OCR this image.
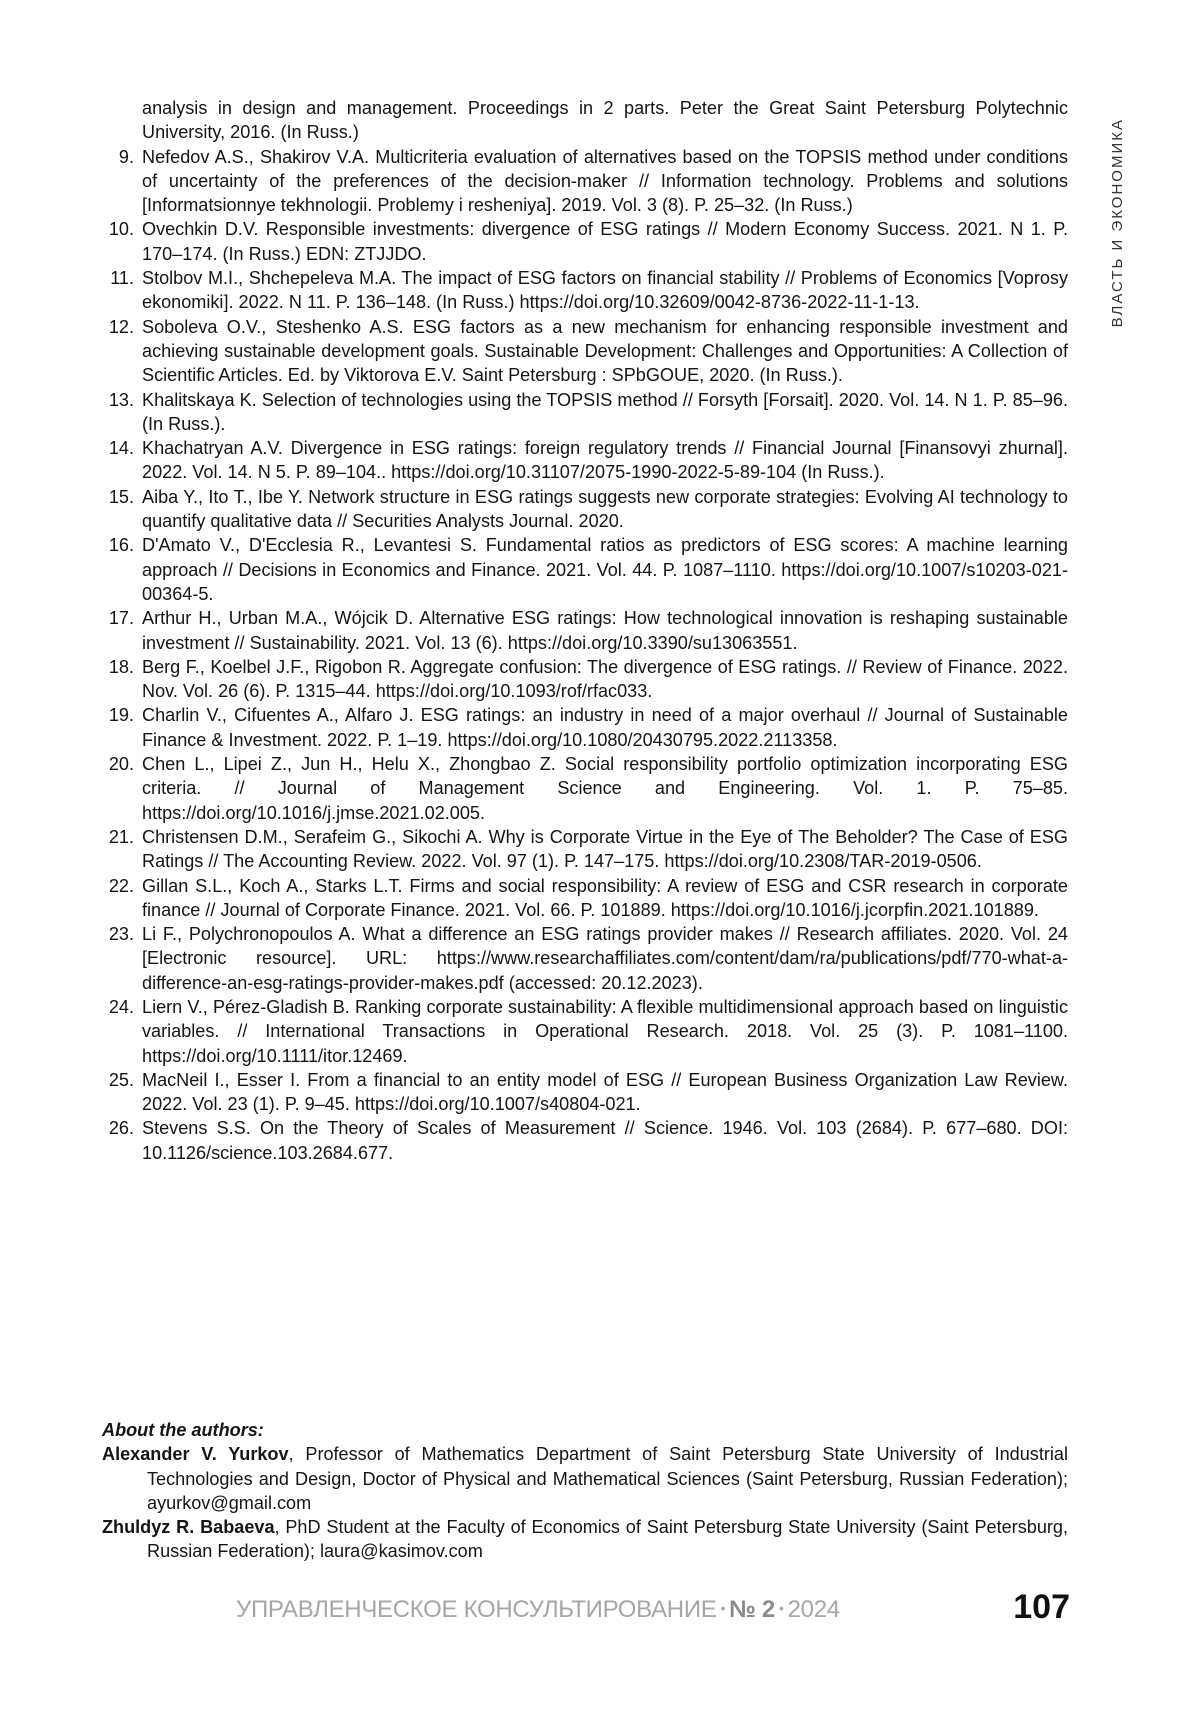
ВЛАСТЬ И ЭКОНОМИКА
analysis in design and management. Proceedings in 2 parts. Peter the Great Saint Petersburg Polytechnic University, 2016. (In Russ.)
9. Nefedov A.S., Shakirov V.A. Multicriteria evaluation of alternatives based on the TOPSIS method under conditions of uncertainty of the preferences of the decision-maker // Information technology. Problems and solutions [Informatsionnye tekhnologii. Problemy i resheniya]. 2019. Vol. 3 (8). P. 25–32. (In Russ.)
10. Ovechkin D.V. Responsible investments: divergence of ESG ratings // Modern Economy Success. 2021. N 1. P. 170–174. (In Russ.) EDN: ZTJJDO.
11. Stolbov M.I., Shchepeleva M.A. The impact of ESG factors on financial stability // Problems of Economics [Voprosy ekonomiki]. 2022. N 11. P. 136–148. (In Russ.) https://doi.org/10.32609/0042-8736-2022-11-1-13.
12. Soboleva O.V., Steshenko A.S. ESG factors as a new mechanism for enhancing responsible investment and achieving sustainable development goals. Sustainable Development: Challenges and Opportunities: A Collection of Scientific Articles. Ed. by Viktorova E.V. Saint Petersburg : SPbGOUE, 2020. (In Russ.).
13. Khalitskaya K. Selection of technologies using the TOPSIS method // Forsyth [Forsait]. 2020. Vol. 14. N 1. P. 85–96. (In Russ.).
14. Khachatryan A.V. Divergence in ESG ratings: foreign regulatory trends // Financial Journal [Finansovyi zhurnal]. 2022. Vol. 14. N 5. P. 89–104.. https://doi.org/10.31107/2075-1990-2022-5-89-104 (In Russ.).
15. Aiba Y., Ito T., Ibe Y. Network structure in ESG ratings suggests new corporate strategies: Evolving AI technology to quantify qualitative data // Securities Analysts Journal. 2020.
16. D'Amato V., D'Ecclesia R., Levantesi S. Fundamental ratios as predictors of ESG scores: A machine learning approach // Decisions in Economics and Finance. 2021. Vol. 44. P. 1087–1110. https://doi.org/10.1007/s10203-021-00364-5.
17. Arthur H., Urban M.A., Wójcik D. Alternative ESG ratings: How technological innovation is reshaping sustainable investment // Sustainability. 2021. Vol. 13 (6). https://doi.org/10.3390/su13063551.
18. Berg F., Koelbel J.F., Rigobon R. Aggregate confusion: The divergence of ESG ratings. // Review of Finance. 2022. Nov. Vol. 26 (6). P. 1315–44. https://doi.org/10.1093/rof/rfac033.
19. Charlin V., Cifuentes A., Alfaro J. ESG ratings: an industry in need of a major overhaul // Journal of Sustainable Finance & Investment. 2022. P. 1–19. https://doi.org/10.1080/20430795.2022.2113358.
20. Chen L., Lipei Z., Jun H., Helu X., Zhongbao Z. Social responsibility portfolio optimization incorporating ESG criteria. // Journal of Management Science and Engineering. Vol. 1. P. 75–85. https://doi.org/10.1016/j.jmse.2021.02.005.
21. Christensen D.M., Serafeim G., Sikochi A. Why is Corporate Virtue in the Eye of The Beholder? The Case of ESG Ratings // The Accounting Review. 2022. Vol. 97 (1). P. 147–175. https://doi.org/10.2308/TAR-2019-0506.
22. Gillan S.L., Koch A., Starks L.T. Firms and social responsibility: A review of ESG and CSR research in corporate finance // Journal of Corporate Finance. 2021. Vol. 66. P. 101889. https://doi.org/10.1016/j.jcorpfin.2021.101889.
23. Li F., Polychronopoulos A. What a difference an ESG ratings provider makes // Research affiliates. 2020. Vol. 24 [Electronic resource]. URL: https://www.researchaffiliates.com/content/dam/ra/publications/pdf/770-what-a-difference-an-esg-ratings-provider-makes.pdf (accessed: 20.12.2023).
24. Liern V., Pérez-Gladish B. Ranking corporate sustainability: A flexible multidimensional approach based on linguistic variables. // International Transactions in Operational Research. 2018. Vol. 25 (3). P. 1081–1100. https://doi.org/10.1111/itor.12469.
25. MacNeil I., Esser I. From a financial to an entity model of ESG // European Business Organization Law Review. 2022. Vol. 23 (1). P. 9–45. https://doi.org/10.1007/s40804-021.
26. Stevens S.S. On the Theory of Scales of Measurement // Science. 1946. Vol. 103 (2684). P. 677–680. DOI: 10.1126/science.103.2684.677.

About the authors:

Alexander V. Yurkov, Professor of Mathematics Department of Saint Petersburg State University of Industrial Technologies and Design, Doctor of Physical and Mathematical Sciences (Saint Petersburg, Russian Federation); ayurkov@gmail.com

Zhuldyz R. Babaeva, PhD Student at the Faculty of Economics of Saint Petersburg State University (Saint Petersburg, Russian Federation); laura@kasimov.com

УПРАВЛЕНЧЕСКОЕ КОНСУЛЬТИРОВАНИЕ • № 2 • 2024	107
